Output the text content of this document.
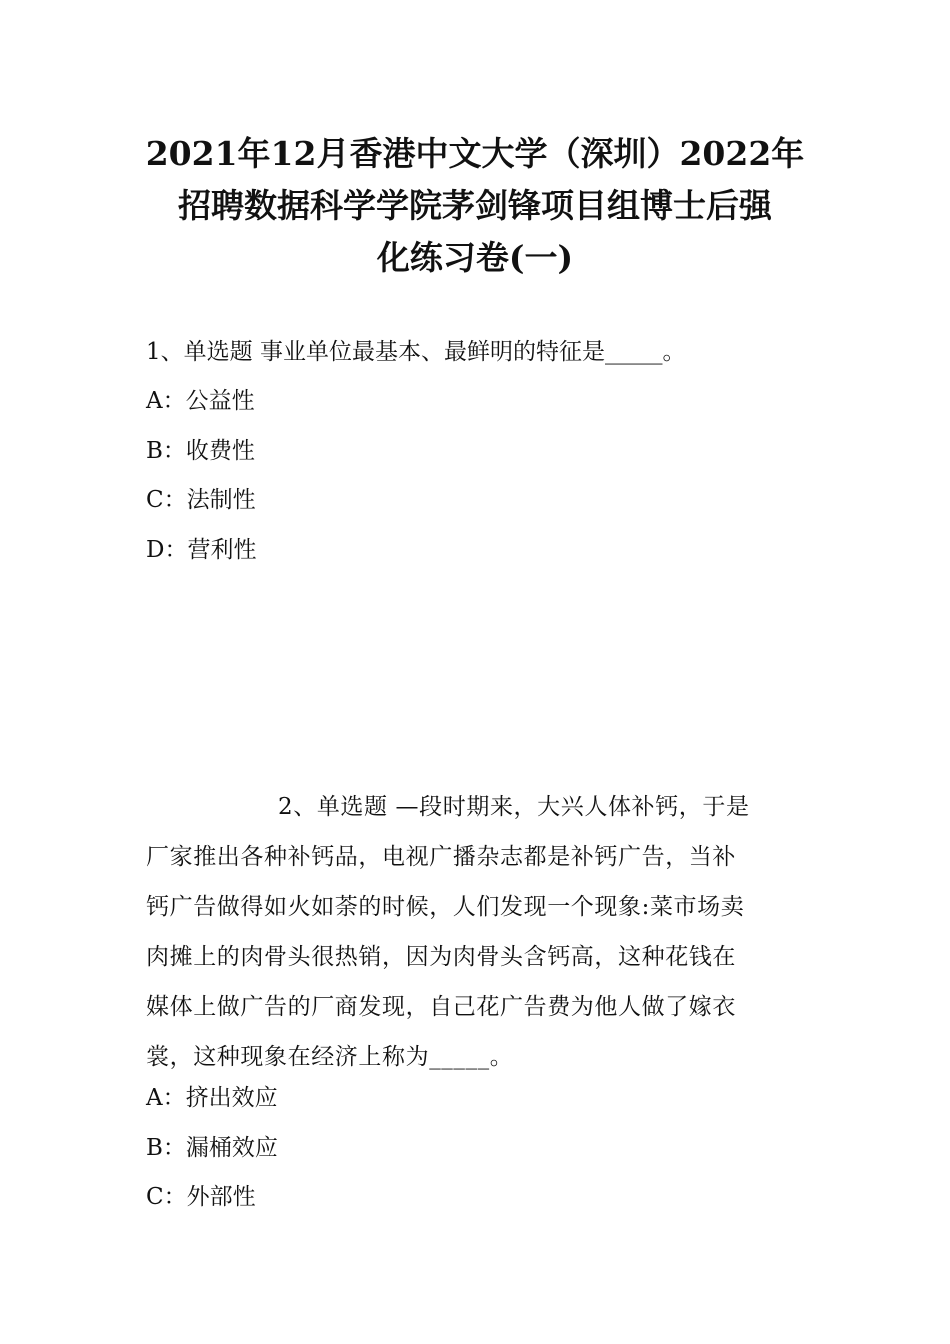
2021年12月香港中文大学（深圳）2022年
招聘数据科学学院茅剑锋项目组博士后强
化练习卷(一)

1、单选题 事业单位最基本、最鲜明的特征是_____。

A：公益性

B：收费性

C：法制性

D：营利性

2、单选题 —段时期来，大兴人体补钙，于是
厂家推出各种补钙品，电视广播杂志都是补钙广告，当补
钙广告做得如火如荼的时候，人们发现一个现象:菜市场卖
肉摊上的肉骨头很热销，因为肉骨头含钙高，这种花钱在
媒体上做广告的厂商发现，自己花广告费为他人做了嫁衣
裳，这种现象在经济上称为_____。

A：挤出效应

B：漏桶效应

C：外部性
